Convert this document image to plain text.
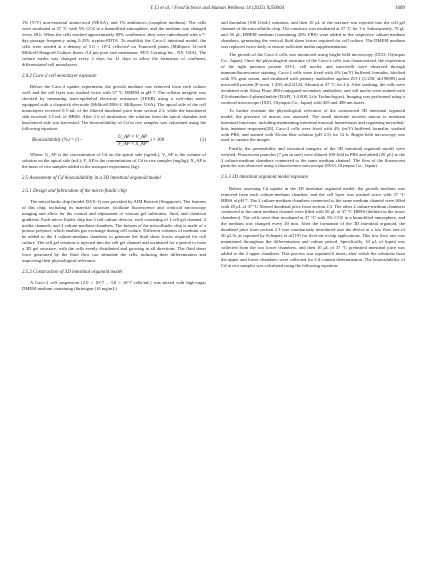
Y. Li et al. / Food Science and Human Wellness 14 (2025) 9250064	1689

1% (V/V) non-essential amino-acid (NEAA), and 1% antibiotics (complete medium). The cells were incubated at 37 °C with 5% CO2 in a humidified atmosphere, and the medium was changed every 48 h. When the cells reached approximately 80% confluence, they were subcultured with a 7-day passage frequency using 0.25% trypsin-EDTA. To establish the Caco-2 intestinal model, the cells were seeded at a density of 5.0 × 10^4 cells/cm² on Transwell plates (Millipore 12-well Millicell Hangcell Culture Insert, 0.4 μm pore size membrane, PET; Corning Inc., NY, USA). The culture media was changed every 2 days for 21 days to allow the formation of confluent, differentiated cell monolayers.

2.4.2 Caco-2 cell monolayer exposure

Before the Caco-2 uptake experiment, the growth medium was removed from each culture well, and the cell layer was washed twice with 37 °C DMEM at pH 7. The cellular integrity was checked by measuring trans-epithelial electrical resistance (TEER) using a volt-ohm meter equipped with a chopstick electrode (Millicell ERS-2, Millipore, USA). The apical side of the cell monolayers received 0.5 mL of the filtered duodenal juice from section 2.3, while the basolateral side received 1.5 mL of HBSS. After 2 h of incubation, the solution from the apical chamber and basolateral side was harvested. The bioavailability of Cd in rice samples was calculated using the following equation:

Bioavailability (%) = (1−	$\frac{U\_AP \times V\_AP}{F\_AP \times X\_AP}$ ) × 100	(1)

Where: U_AP is the concentration of Cd on the apical side (ng/mL), V_AP is the volume of solution on the apical side (mL); F_AP is the concentration of Cd in rice samples (mg/kg); X_AP is the mass of rice samples added in the transport experiment (kg).

2.5 Assessment of Cd bioavailability in a 3D intestinal organoid model
2.5.1 Design and fabrication of the micro-fluidic chip

The microfluidic chip (model DAX-1) was provided by AIM Biotech (Singapore). The features of this chip, including its material structure, facilitate fluorescence and confocal microscopy imaging and allow for the control and adjustment of various gel substrates, fluid, and chemical gradients. Each micro-fluidic chip has 3 cell culture devices, each consisting of 1 cell gel channel, 2 media channels, and 4 culture-medium chambers. The bottom of the microfluidic chip is made of a porous polymer, which enables gas exchange during cell culture. Different volumes of medium can be added to the 4 culture-medium chambers to generate the fluid shear forces required for cell culture. The cell gel solution is injected into the cell gel channel and incubated for a period to form a 3D gel structure, with the cells evenly distributed and growing in all directions. The fluid shear force generated by the fluid flow can stimulate the cells, inducing their differentiation and improving their physiological relevance.

2.5.2 Construction of 3D intestinal organoid model

A Caco-2 cell suspension (2.0 × 10^7 – 3.0 × 10^7 cells/mL) was mixed with high-sugar DMEM medium containing fibrinogen (10 mg/mL)

and thrombin (100 U/mL) solutions, and then 10 μL of the mixture was injected into the cell gel channel of the microfluidic chip. The construct was incubated at 37 °C for 1 h. Subsequently, 70 μL and 50 μL DMEM medium (containing 20% FBS) were added to the respective culture-medium chambers, generating the vertical fluid shear forces required for cell culture. The DMEM medium was replaced twice daily to ensure sufficient media supplementation.

The growth of the Caco-2 cells was monitored using bright-field microscopy (IX53, Olympus Co., Japan). Once the physiological structure of the Caco-2 cells was characterized, the expression of the tight junction protein ZO-1, cell nuclei, and microvilli were observed through immunofluorescence staining. Caco-2 cells were fixed with 4% (m/V) buffered formalin, blocked with 5% goat serum, and incubated with primary antibodies against ZO-1 (1:250; ab190085) and microvilli protein (F-actin, 1:250, ab212124, Abcam) at 37 °C for 2 h. After washing, the cells were incubated with Alexa Fluor 488-conjugated secondary antibodies, and cell nuclei were stained with 4',6-diamidino-2-phenylindole (DAPI, 1:4 000, Life Technologies). Imaging was performed using a confocal microscope (IX81, Olympus Co., Japan) with 405 and 488 nm lasers.

To further evaluate the physiological relevance of the constructed 3D intestinal organoid model, the presence of mucus was assessed. The small intestine secretes mucus to maintain intestinal functions, including maintaining intestinal mucosal homeostasis and regulating microbial-host immune responses[20]. Caco-2 cells were fixed with 4% (m/V) buffered formalin, washed with PBS, and stained with Alcian blue solution (pH 2.5) for 12 h. Bright-field microscopy was used to capture the images.

Finally, the permeability and structural integrity of the 3D intestinal organoid model were verified. Fluorescent particles (7 μm in size) were diluted 100-fold in PBS and added (20 μL) to the 2 culture-medium chambers connected to the same medium channel. The flow of the fluorescent particles was observed using a fluorescence microscope (IX53, Olympus Co., Japan).

2.5.3 3D intestinal organoid model exposure

Before assessing Cd uptake in the 3D intestinal organoid model, the growth medium was removed from each culture-medium chamber, and the cell layer was washed twice with 37 °C HBSS at pH 7. The 2 culture-medium chambers connected to the same medium channel were filled with 20 μL of 37 °C filtered duodenal juice from section 2.3. The other 2 culture-medium chambers connected to the same medium channel were filled with 50 μL of 37 °C HBSS (defined as the lower chambers). The cells were then incubated at 37 °C with 5% CO2 in a humidified atmosphere, and the medium was changed every 20 min. After the formation of the 3D intestinal organoid, the duodenal juice from section 2.3 was continuously introduced into the device at a low flow rate of 30 μL/h, as reported by Schepers et al.[19] for liver-on-a-chip applications. This low flow rate was maintained throughout the differentiation and culture period. Specifically, 10 μL of liquid was collected from the two lower chambers, and then 10 μL of 37 °C preheated intestinal juice was added to the 2 upper chambers. This process was repeated 6 times, after which the solutions from the upper and lower chambers were collected for Cd content determination. The bioavailability of Cd in rice samples was calculated using the following equation:
